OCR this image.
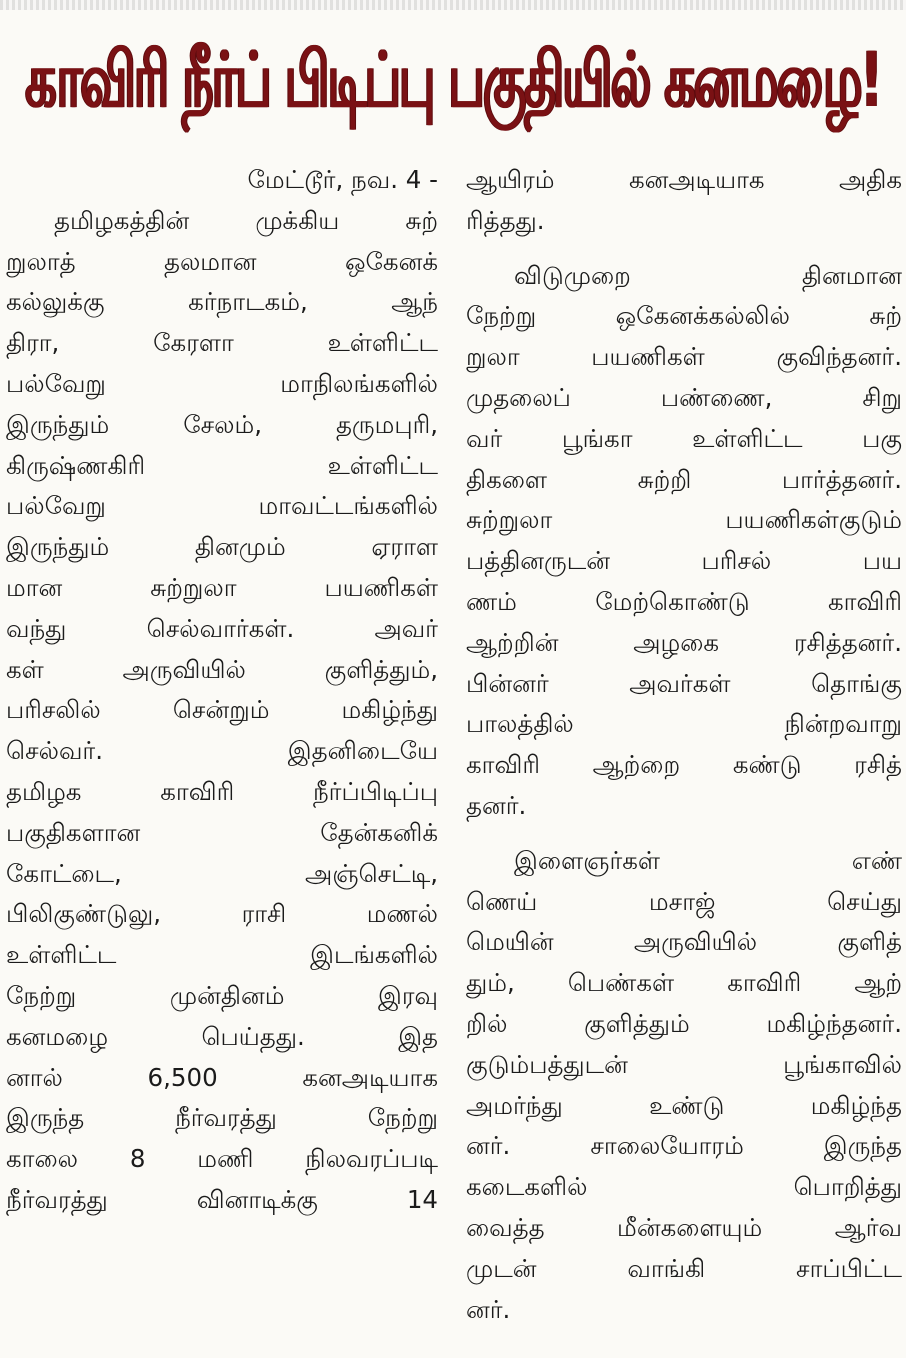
காவிரி நீர்ப் பிடிப்பு பகுதியில் கனமழை!
மேட்டூர், நவ. 4 -
தமிழகத்தின் முக்கிய சுற்
றுலாத் தலமான ஒகேனக்
கல்லுக்கு கர்நாடகம், ஆந்
திரா, கேரளா உள்ளிட்ட
பல்வேறு மாநிலங்களில்
இருந்தும் சேலம், தருமபுரி,
கிருஷ்ணகிரி உள்ளிட்ட
பல்வேறு மாவட்டங்களில்
இருந்தும் தினமும் ஏராள
மான சுற்றுலா பயணிகள்
வந்து செல்வார்கள். அவர்
கள் அருவியில் குளித்தும்,
பரிசலில் சென்றும் மகிழ்ந்து
செல்வர். இதனிடையே
தமிழக காவிரி நீர்ப்பிடிப்பு
பகுதிகளான தேன்கனிக்
கோட்டை, அஞ்செட்டி,
பிலிகுண்டுலு, ராசி மணல்
உள்ளிட்ட இடங்களில்
நேற்று முன்தினம் இரவு
கனமழை பெய்தது. இத
னால் 6,500 கனஅடியாக
இருந்த நீர்வரத்து நேற்று
காலை 8 மணி நிலவரப்படி
நீர்வரத்து வினாடிக்கு 14
ஆயிரம் கனஅடியாக அதிக
ரித்தது.
விடுமுறை தினமான
நேற்று ஒகேனக்கல்லில் சுற்
றுலா பயணிகள் குவிந்தனர்.
முதலைப் பண்ணை, சிறு
வர் பூங்கா உள்ளிட்ட பகு
திகளை சுற்றி பார்த்தனர்.
சுற்றுலா பயணிகள்குடும்
பத்தினருடன் பரிசல் பய
ணம் மேற்கொண்டு காவிரி
ஆற்றின் அழகை ரசித்தனர்.
பின்னர் அவர்கள் தொங்கு
பாலத்தில் நின்றவாறு
காவிரி ஆற்றை கண்டு ரசித்
தனர்.
இளைஞர்கள் எண்
ணெய் மசாஜ் செய்து
மெயின் அருவியில் குளித்
தும், பெண்கள் காவிரி ஆற்
றில் குளித்தும் மகிழ்ந்தனர்.
குடும்பத்துடன் பூங்காவில்
அமர்ந்து உண்டு மகிழ்ந்த
னர். சாலையோரம் இருந்த
கடைகளில் பொறித்து
வைத்த மீன்களையும் ஆர்வ
முடன் வாங்கி சாப்பிட்ட
னர்.
